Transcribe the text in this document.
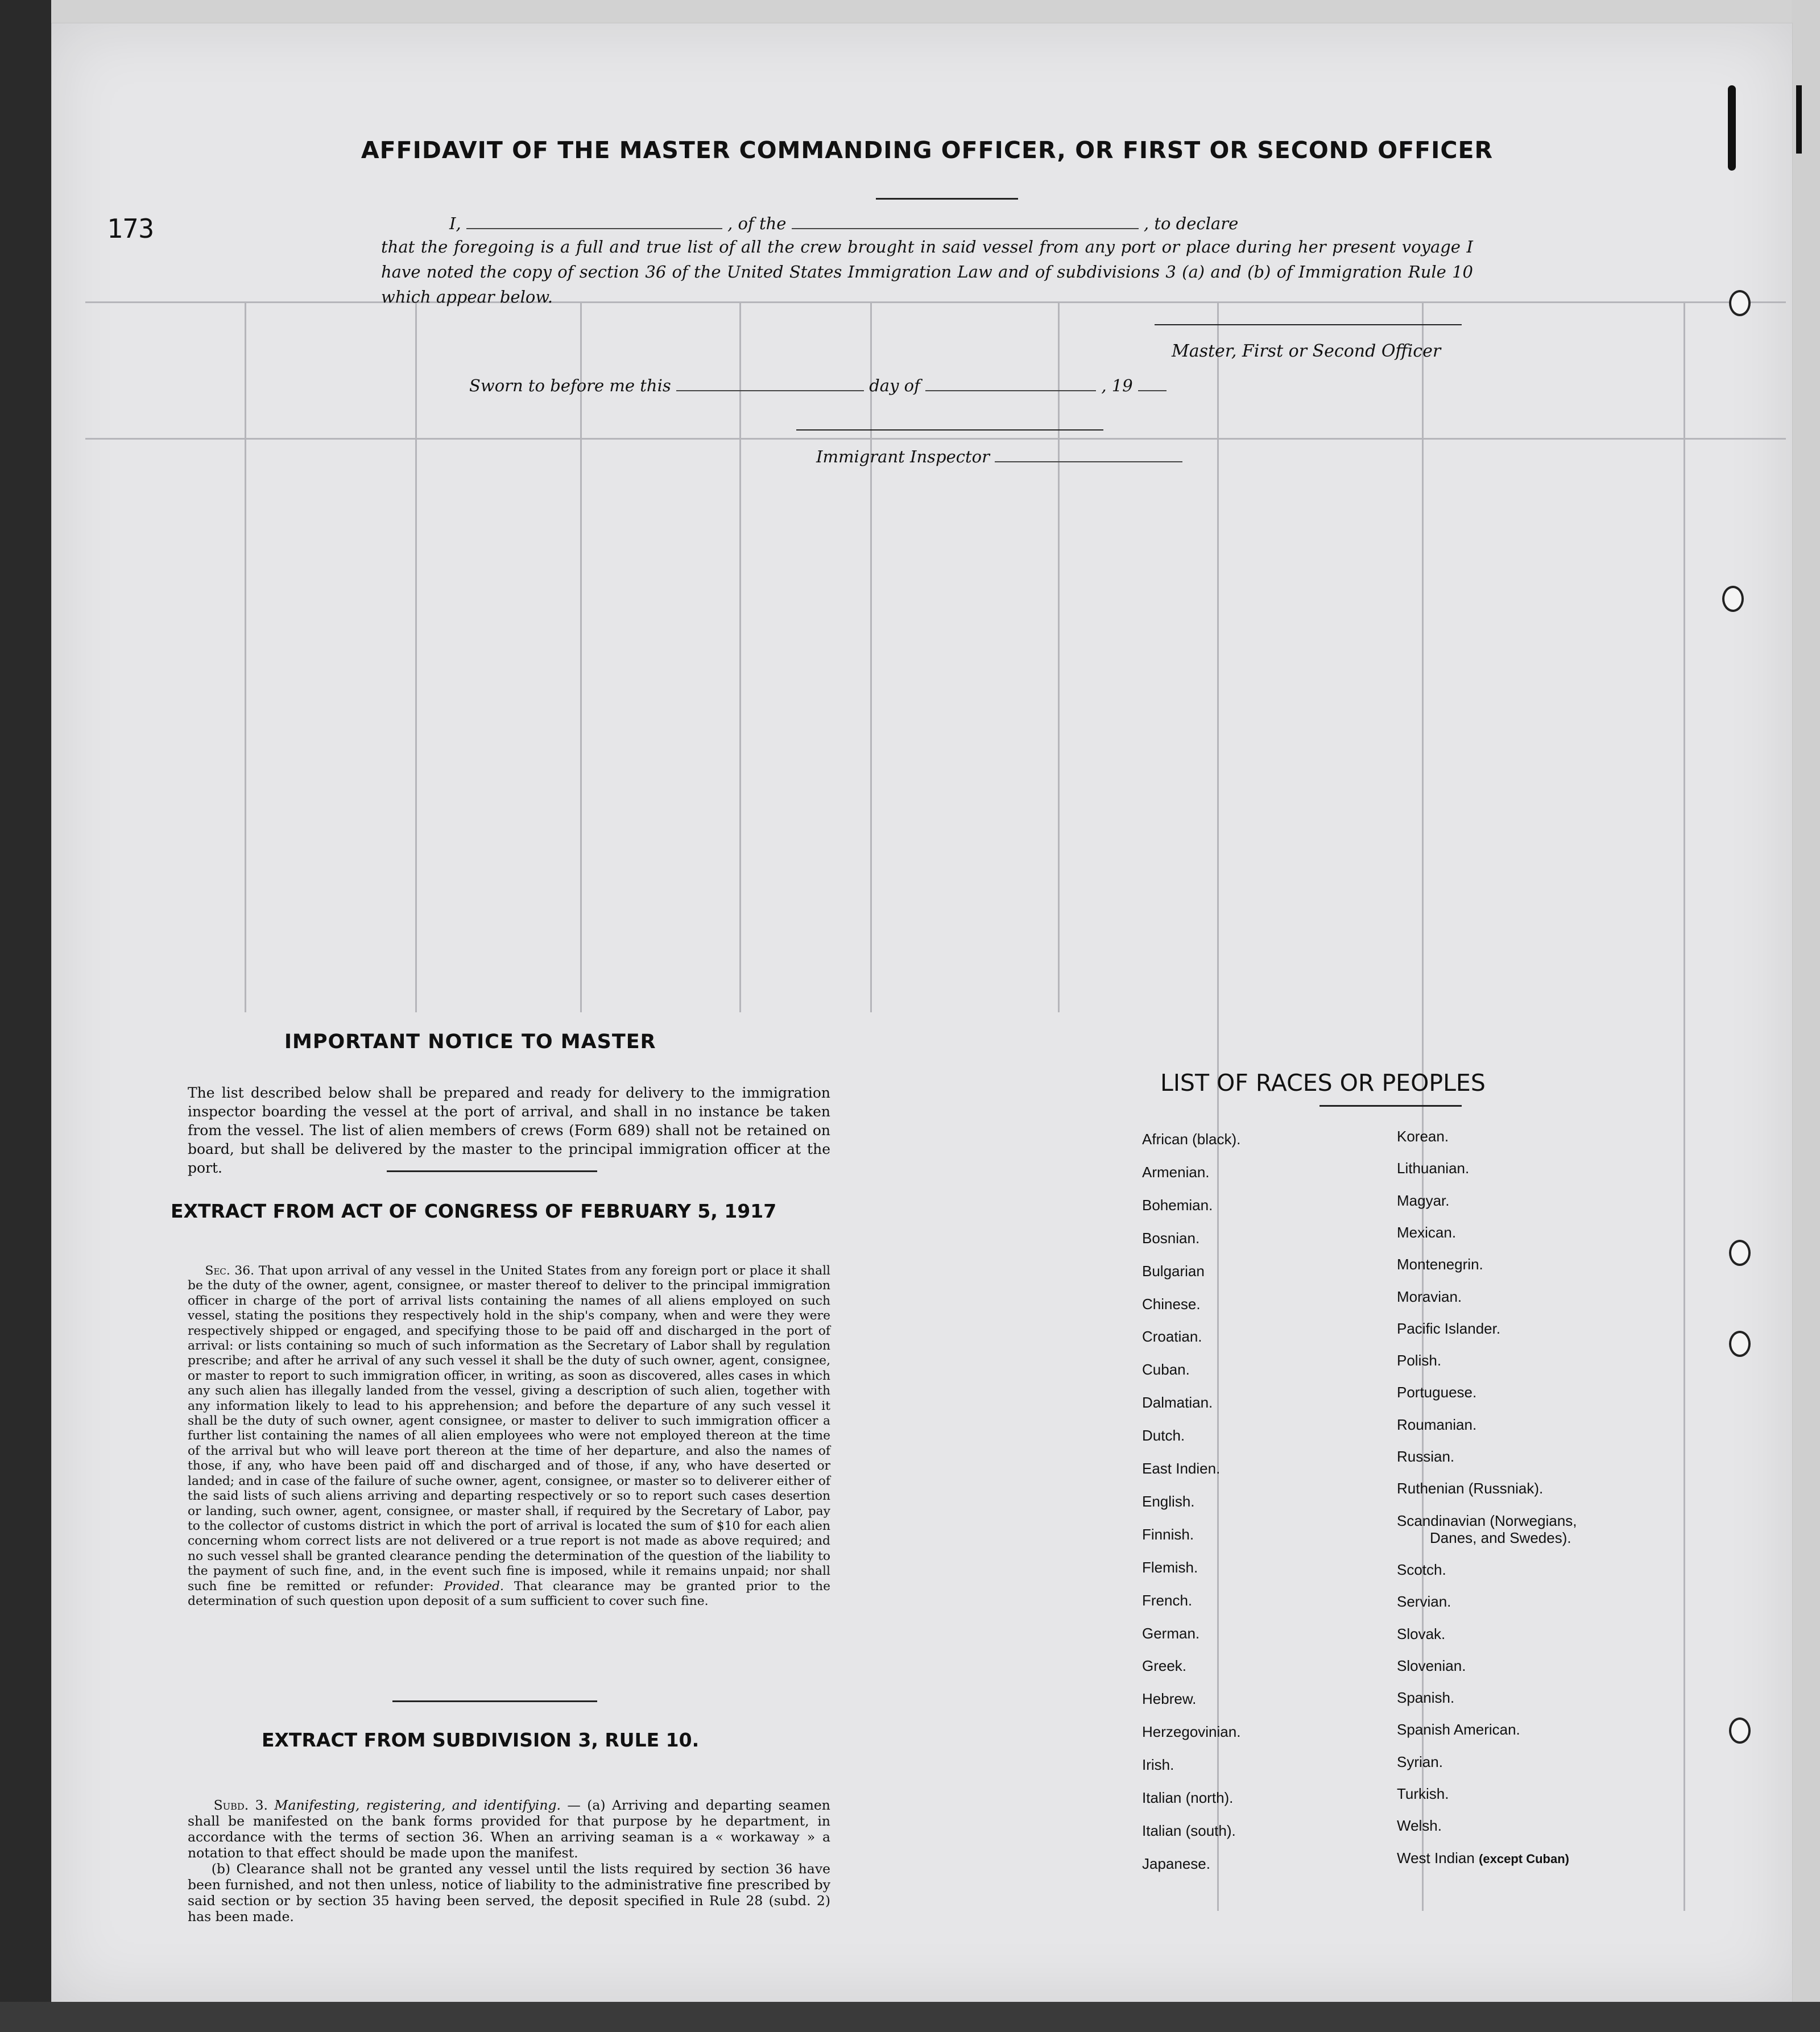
173
AFFIDAVIT OF THE MASTER COMMANDING OFFICER, OR FIRST OR SECOND OFFICER
I,	, of the	, to declare
that the foregoing is a full and true list of all the crew brought in said vessel from any port or place during her present voyage I have noted the copy of section 36 of the United States Immigration Law and of subdivisions 3 (a) and (b) of Immigration Rule 10 which appear below.
Master, First or Second Officer
Sworn to before me this	day of	, 19
Immigrant Inspector
IMPORTANT NOTICE TO MASTER
The list described below shall be prepared and ready for delivery to the immigration inspector boarding the vessel at the port of arrival, and shall in no instance be taken from the vessel. The list of alien members of crews (Form 689) shall not be retained on board, but shall be delivered by the master to the principal immigration officer at the port.
EXTRACT FROM ACT OF CONGRESS OF FEBRUARY 5, 1917
Sec. 36. That upon arrival of any vessel in the United States from any foreign port or place it shall be the duty of the owner, agent, consignee, or master thereof to deliver to the principal immigration officer in charge of the port of arrival lists containing the names of all aliens employed on such vessel, stating the positions they respectively hold in the ship's company, when and were they were respectively shipped or engaged, and specifying those to be paid off and discharged in the port of arrival: or lists containing so much of such information as the Secretary of Labor shall by regulation prescribe; and after he arrival of any such vessel it shall be the duty of such owner, agent, consignee, or master to report to such immigration officer, in writing, as soon as discovered, alles cases in which any such alien has illegally landed from the vessel, giving a description of such alien, together with any information likely to lead to his apprehension; and before the departure of any such vessel it shall be the duty of such owner, agent consignee, or master to deliver to such immigration officer a further list containing the names of all alien employees who were not employed thereon at the time of the arrival but who will leave port thereon at the time of her departure, and also the names of those, if any, who have been paid off and discharged and of those, if any, who have deserted or landed; and in case of the failure of suche owner, agent, consignee, or master so to deliverer either of the said lists of such aliens arriving and departing respectively or so to report such cases desertion or landing, such owner, agent, consignee, or master shall, if required by the Secretary of Labor, pay to the collector of customs district in which the port of arrival is located the sum of $10 for each alien concerning whom correct lists are not delivered or a true report is not made as above required; and no such vessel shall be granted clearance pending the determination of the question of the liability to the payment of such fine, and, in the event such fine is imposed, while it remains unpaid; nor shall such fine be remitted or refunder: Provided. That clearance may be granted prior to the determination of such question upon deposit of a sum sufficient to cover such fine.
EXTRACT FROM SUBDIVISION 3, RULE 10.
Subd. 3. Manifesting, registering, and identifying. — (a) Arriving and departing seamen shall be manifested on the bank forms provided for that purpose by he department, in accordance with the terms of section 36. When an arriving seaman is a « workaway » a notation to that effect should be made upon the manifest.
(b) Clearance shall not be granted any vessel until the lists required by section 36 have been furnished, and not then unless, notice of liability to the administrative fine prescribed by said section or by section 35 having been served, the deposit specified in Rule 28 (subd. 2) has been made.
LIST OF RACES OR PEOPLES
African (black).
Armenian.
Bohemian.
Bosnian.
Bulgarian
Chinese.
Croatian.
Cuban.
Dalmatian.
Dutch.
East Indien.
English.
Finnish.
Flemish.
French.
German.
Greek.
Hebrew.
Herzegovinian.
Irish.
Italian (north).
Italian (south).
Japanese.
Korean.
Lithuanian.
Magyar.
Mexican.
Montenegrin.
Moravian.
Pacific Islander.
Polish.
Portuguese.
Roumanian.
Russian.
Ruthenian (Russniak).
Scandinavian (Norwegians,
Danes, and Swedes).
Scotch.
Servian.
Slovak.
Slovenian.
Spanish.
Spanish American.
Syrian.
Turkish.
Welsh.
West Indian (except Cuban)
